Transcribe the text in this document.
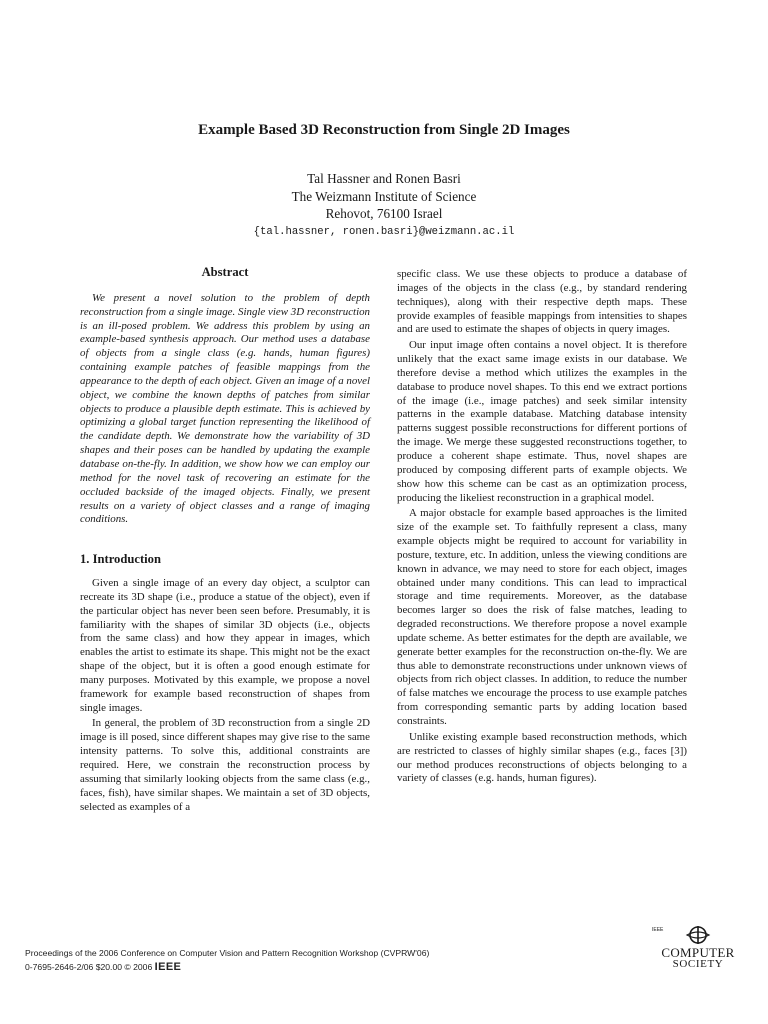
Example Based 3D Reconstruction from Single 2D Images
Tal Hassner and Ronen Basri
The Weizmann Institute of Science
Rehovot, 76100 Israel
{tal.hassner, ronen.basri}@weizmann.ac.il
Abstract

We present a novel solution to the problem of depth reconstruction from a single image. Single view 3D reconstruction is an ill-posed problem. We address this problem by using an example-based synthesis approach. Our method uses a database of objects from a single class (e.g. hands, human figures) containing example patches of feasible mappings from the appearance to the depth of each object. Given an image of a novel object, we combine the known depths of patches from similar objects to produce a plausible depth estimate. This is achieved by optimizing a global target function representing the likelihood of the candidate depth. We demonstrate how the variability of 3D shapes and their poses can be handled by updating the example database on-the-fly. In addition, we show how we can employ our method for the novel task of recovering an estimate for the occluded backside of the imaged objects. Finally, we present results on a variety of object classes and a range of imaging conditions.

1. Introduction

Given a single image of an every day object, a sculptor can recreate its 3D shape (i.e., produce a statue of the object), even if the particular object has never been seen before. Presumably, it is familiarity with the shapes of similar 3D objects (i.e., objects from the same class) and how they appear in images, which enables the artist to estimate its shape. This might not be the exact shape of the object, but it is often a good enough estimate for many purposes. Motivated by this example, we propose a novel framework for example based reconstruction of shapes from single images.

In general, the problem of 3D reconstruction from a single 2D image is ill posed, since different shapes may give rise to the same intensity patterns. To solve this, additional constraints are required. Here, we constrain the reconstruction process by assuming that similarly looking objects from the same class (e.g., faces, fish), have similar shapes. We maintain a set of 3D objects, selected as examples of a

specific class. We use these objects to produce a database of images of the objects in the class (e.g., by standard rendering techniques), along with their respective depth maps. These provide examples of feasible mappings from intensities to shapes and are used to estimate the shapes of objects in query images.

Our input image often contains a novel object. It is therefore unlikely that the exact same image exists in our database. We therefore devise a method which utilizes the examples in the database to produce novel shapes. To this end we extract portions of the image (i.e., image patches) and seek similar intensity patterns in the example database. Matching database intensity patterns suggest possible reconstructions for different portions of the image. We merge these suggested reconstructions together, to produce a coherent shape estimate. Thus, novel shapes are produced by composing different parts of example objects. We show how this scheme can be cast as an optimization process, producing the likeliest reconstruction in a graphical model.

A major obstacle for example based approaches is the limited size of the example set. To faithfully represent a class, many example objects might be required to account for variability in posture, texture, etc. In addition, unless the viewing conditions are known in advance, we may need to store for each object, images obtained under many conditions. This can lead to impractical storage and time requirements. Moreover, as the database becomes larger so does the risk of false matches, leading to degraded reconstructions. We therefore propose a novel example update scheme. As better estimates for the depth are available, we generate better examples for the reconstruction on-the-fly. We are thus able to demonstrate reconstructions under unknown views of objects from rich object classes. In addition, to reduce the number of false matches we encourage the process to use example patches from corresponding semantic parts by adding location based constraints.

Unlike existing example based reconstruction methods, which are restricted to classes of highly similar shapes (e.g., faces [3]) our method produces reconstructions of objects belonging to a variety of classes (e.g. hands, human figures).

Proceedings of the 2006 Conference on Computer Vision and Pattern Recognition Workshop (CVPRW'06)
0-7695-2646-2/06 $20.00 © 2006 IEEE
IEEE
COMPUTER
SOCIETY
